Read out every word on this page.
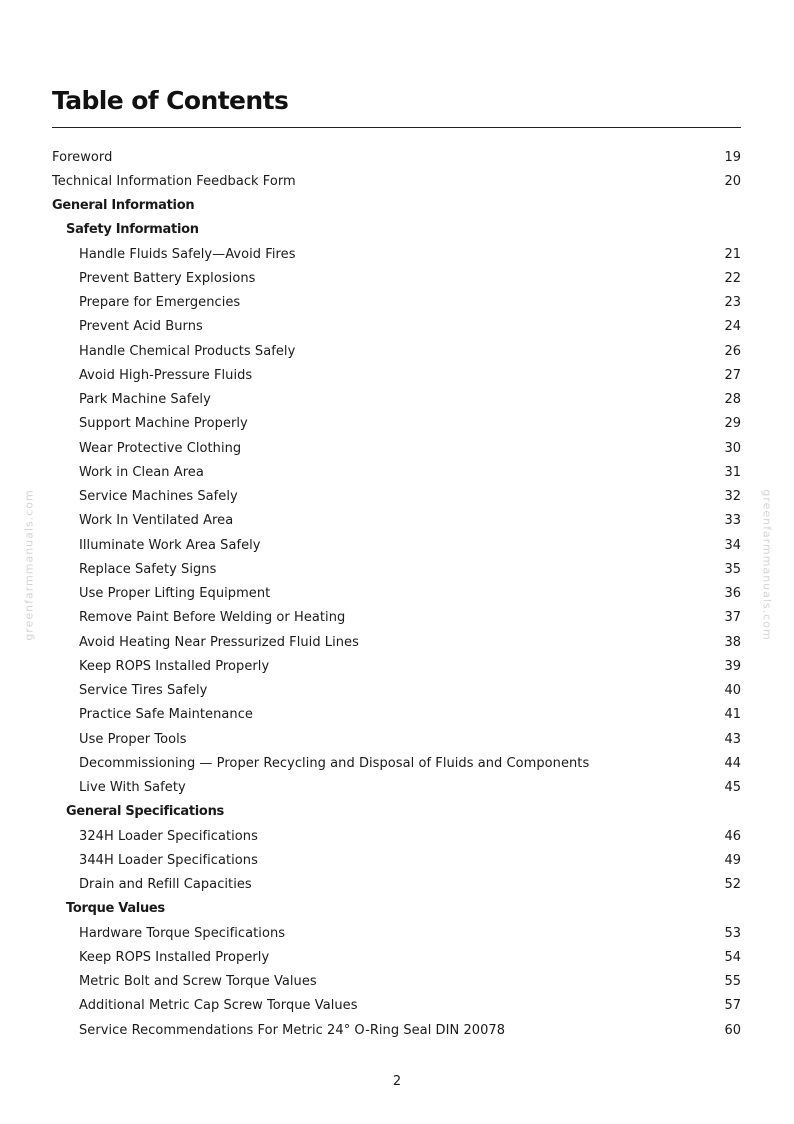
Table of Contents
Foreword	19
Technical Information Feedback Form	20
General Information
Safety Information
Handle Fluids Safely—Avoid Fires	21
Prevent Battery Explosions	22
Prepare for Emergencies	23
Prevent Acid Burns	24
Handle Chemical Products Safely	26
Avoid High-Pressure Fluids	27
Park Machine Safely	28
Support Machine Properly	29
Wear Protective Clothing	30
Work in Clean Area	31
Service Machines Safely	32
Work In Ventilated Area	33
Illuminate Work Area Safely	34
Replace Safety Signs	35
Use Proper Lifting Equipment	36
Remove Paint Before Welding or Heating	37
Avoid Heating Near Pressurized Fluid Lines	38
Keep ROPS Installed Properly	39
Service Tires Safely	40
Practice Safe Maintenance	41
Use Proper Tools	43
Decommissioning — Proper Recycling and Disposal of Fluids and Components	44
Live With Safety	45
General Specifications
324H Loader Specifications	46
344H Loader Specifications	49
Drain and Refill Capacities	52
Torque Values
Hardware Torque Specifications	53
Keep ROPS Installed Properly	54
Metric Bolt and Screw Torque Values	55
Additional Metric Cap Screw Torque Values	57
Service Recommendations For Metric 24° O-Ring Seal DIN 20078	60
greenfarmmanuals.com	greenfarmmanuals.com
2
